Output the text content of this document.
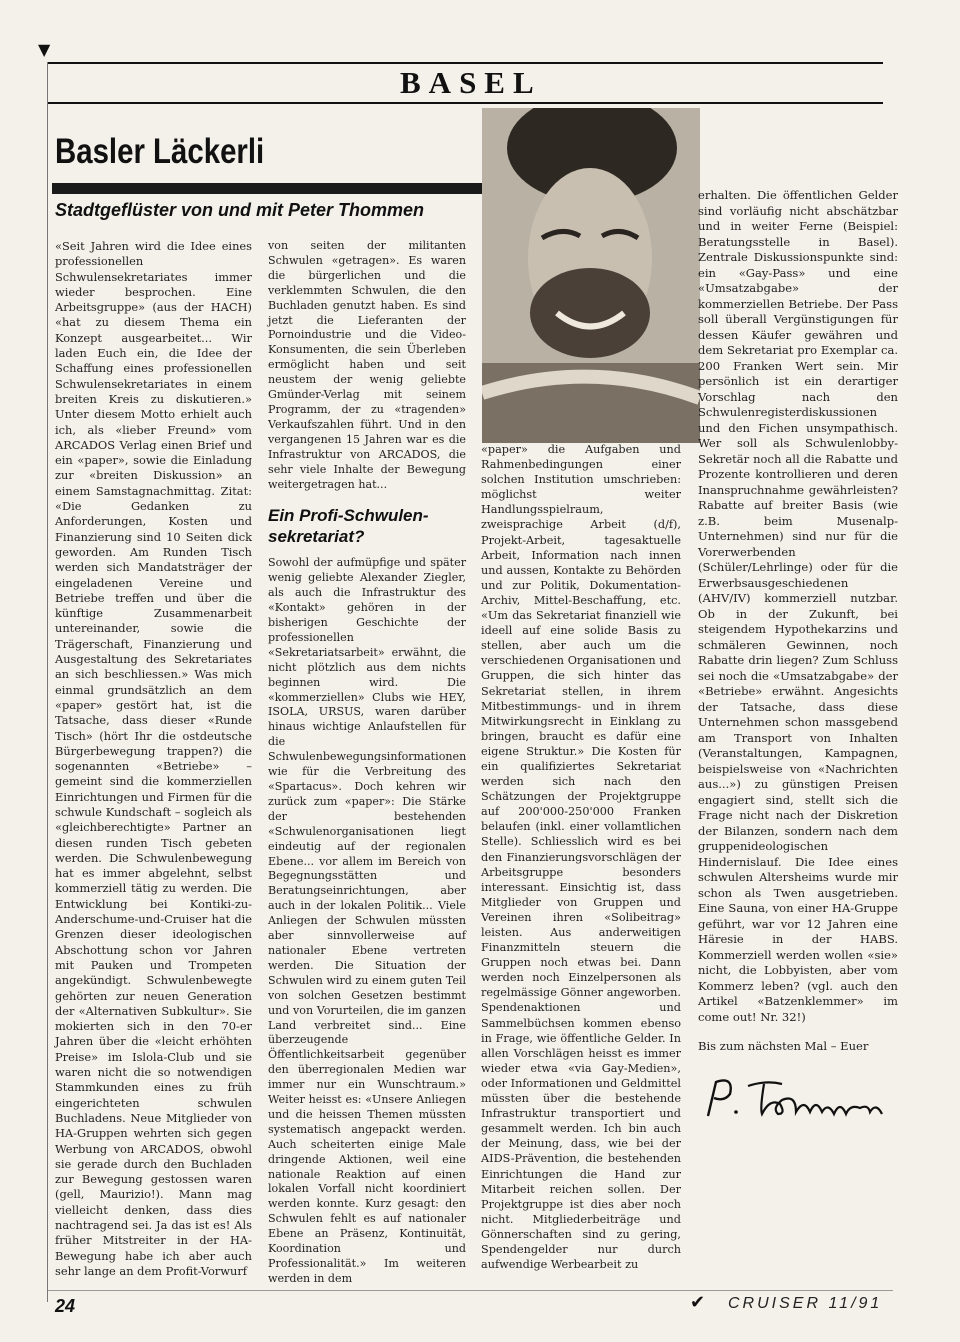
▼
BASEL
Basler Läckerli
Stadtgeflüster von und mit Peter Thommen

«Seit Jahren wird die Idee eines professionellen Schwulensekretariates immer wieder besprochen. Eine Arbeitsgruppe» (aus der HACH) «hat zu diesem Thema ein Konzept ausgearbeitet... Wir laden Euch ein, die Idee der Schaffung eines professionellen Schwulensekretariates in einem breiten Kreis zu diskutieren.» Unter diesem Motto erhielt auch ich, als «lieber Freund» vom ARCADOS Verlag einen Brief und ein «paper», sowie die Einladung zur «breiten Diskussion» an einem Samstagnachmittag. Zitat: «Die Gedanken zu Anforderungen, Kosten und Finanzierung sind 10 Seiten dick geworden. Am Runden Tisch werden sich Mandatsträger der eingeladenen Vereine und Betriebe treffen und über die künftige Zusammenarbeit untereinander, sowie die Trägerschaft, Finanzierung und Ausgestaltung des Sekretariates an sich beschliessen.» Was mich einmal grundsätzlich an dem «paper» gestört hat, ist die Tatsache, dass dieser «Runde Tisch» (hört Ihr die ostdeutsche Bürgerbewegung trappen?) die sogenannten «Betriebe» – gemeint sind die kommerziellen Einrichtungen und Firmen für die schwule Kundschaft – sogleich als «gleichberechtigte» Partner an diesen runden Tisch gebeten werden. Die Schwulenbewegung hat es immer abgelehnt, selbst kommerziell tätig zu werden. Die Entwicklung bei Kontiki-zu-Anderschume-und-Cruiser hat die Grenzen dieser ideologischen Abschottung schon vor Jahren mit Pauken und Trompeten angekündigt. Schwulenbewegte gehörten zur neuen Generation der «Alternativen Subkultur». Sie mokierten sich in den 70-er Jahren über die «leicht erhöhten Preise» im Islola-Club und sie waren nicht die so notwendigen Stammkunden eines zu früh eingerichteten schwulen Buchladens. Neue Mitglieder von HA-Gruppen wehrten sich gegen Werbung von ARCADOS, obwohl sie gerade durch den Buchladen zur Bewegung gestossen waren (gell, Maurizio!). Mann mag vielleicht denken, dass dies nachtragend sei. Ja das ist es! Als früher Mitstreiter in der HA-Bewegung habe ich aber auch sehr lange an dem Profit-Vorwurf

von seiten der militanten Schwulen «getragen». Es waren die bürgerlichen und die verklemmten Schwulen, die den Buchladen genutzt haben. Es sind jetzt die Lieferanten der Pornoindustrie und die Video-Konsumenten, die sein Überleben ermöglicht haben und seit neustem der wenig geliebte Gmünder-Verlag mit seinem Programm, der zu «tragenden» Verkaufszahlen führt. Und in den vergangenen 15 Jahren war es die Infrastruktur von ARCADOS, die sehr viele Inhalte der Bewegung weitergetragen hat...

Ein Profi-Schwulen-sekretariat?

Sowohl der aufmüpfige und später wenig geliebte Alexander Ziegler, als auch die Infrastruktur des «Kontakt» gehören in der bisherigen Geschichte der professionellen «Sekretariatsarbeit» erwähnt, die nicht plötzlich aus dem nichts beginnen wird. Die «kommerziellen» Clubs wie HEY, ISOLA, URSUS, waren darüber hinaus wichtige Anlaufstellen für die Schwulenbewegungsinformationen wie für die Verbreitung des «Spartacus». Doch kehren wir zurück zum «paper»: Die Stärke der bestehenden «Schwulenorganisationen liegt eindeutig auf der regionalen Ebene... vor allem im Bereich von Begegnungsstätten und Beratungseinrichtungen, aber auch in der lokalen Politik... Viele Anliegen der Schwulen müssten aber sinnvollerweise auf nationaler Ebene vertreten werden. Die Situation der Schwulen wird zu einem guten Teil von solchen Gesetzen bestimmt und von Vorurteilen, die im ganzen Land verbreitet sind... Eine überzeugende Öffentlichkeitsarbeit gegenüber den überregionalen Medien war immer nur ein Wunschtraum.» Weiter heisst es: «Unsere Anliegen und die heissen Themen müssten systematisch angepackt werden. Auch scheiterten einige Male dringende Aktionen, weil eine nationale Reaktion auf einen lokalen Vorfall nicht koordiniert werden konnte. Kurz gesagt: den Schwulen fehlt es auf nationaler Ebene an Präsenz, Kontinuität, Koordination und Professionalität.» Im weiteren werden in dem

«paper» die Aufgaben und Rahmenbedingungen einer solchen Institution umschrieben: möglichst weiter Handlungsspielraum, zweisprachige Arbeit (d/f), Projekt-Arbeit, tagesaktuelle Arbeit, Information nach innen und aussen, Kontakte zu Behörden und zur Politik, Dokumentation-Archiv, Mittel-Beschaffung, etc. «Um das Sekretariat finanziell wie ideell auf eine solide Basis zu stellen, aber auch um die verschiedenen Organisationen und Gruppen, die sich hinter das Sekretariat stellen, in ihrem Mitbestimmungs- und in ihrem Mitwirkungsrecht in Einklang zu bringen, braucht es dafür eine eigene Struktur.» Die Kosten für ein qualifiziertes Sekretariat werden sich nach den Schätzungen der Projektgruppe auf 200'000-250'000 Franken belaufen (inkl. einer vollamtlichen Stelle). Schliesslich wird es bei den Finanzierungsvorschlägen der Arbeitsgruppe besonders interessant. Einsichtig ist, dass Mitglieder von Gruppen und Vereinen ihren «Solibeitrag» leisten. Aus anderweitigen Finanzmitteln steuern die Gruppen noch etwas bei. Dann werden noch Einzelpersonen als regelmässige Gönner angeworben. Spendenaktionen und Sammelbüchsen kommen ebenso in Frage, wie öffentliche Gelder. In allen Vorschlägen heisst es immer wieder etwa «via Gay-Medien», oder Informationen und Geldmittel müssten über die bestehende Infrastruktur transportiert und gesammelt werden. Ich bin auch der Meinung, dass, wie bei der AIDS-Prävention, die bestehenden Einrichtungen die Hand zur Mitarbeit reichen sollen. Der Projektgruppe ist dies aber noch nicht. Mitgliederbeiträge und Gönnerschaften sind zu gering, Spendengelder nur durch aufwendige Werbearbeit zu

erhalten. Die öffentlichen Gelder sind vorläufig nicht abschätzbar und in weiter Ferne (Beispiel: Beratungsstelle in Basel). Zentrale Diskussionspunkte sind: ein «Gay-Pass» und eine «Umsatzabgabe» der kommerziellen Betriebe. Der Pass soll überall Vergünstigungen für dessen Käufer gewähren und dem Sekretariat pro Exemplar ca. 200 Franken Wert sein. Mir persönlich ist ein derartiger Vorschlag nach den Schwulenregisterdiskussionen und den Fichen unsympathisch. Wer soll als Schwulenlobby-Sekretär noch all die Rabatte und Prozente kontrollieren und deren Inanspruchnahme gewährleisten? Rabatte auf breiter Basis (wie z.B. beim Musenalp-Unternehmen) sind nur für die Vorerwerbenden (Schüler/Lehrlinge) oder für die Erwerbsausgeschiedenen (AHV/IV) kommerziell nutzbar. Ob in der Zukunft, bei steigendem Hypothekarzins und schmäleren Gewinnen, noch Rabatte drin liegen? Zum Schluss sei noch die «Umsatzabgabe» der «Betriebe» erwähnt. Angesichts der Tatsache, dass diese Unternehmen schon massgebend am Transport von Inhalten (Veranstaltungen, Kampagnen, beispielsweise von «Nachrichten aus...») zu günstigen Preisen engagiert sind, stellt sich die Frage nicht nach der Diskretion der Bilanzen, sondern nach dem gruppenideologischen Hindernislauf. Die Idee eines schwulen Altersheims wurde mir schon als Twen ausgetrieben. Eine Sauna, von einer HA-Gruppe geführt, war vor 12 Jahren eine Häresie in der HABS. Kommerziell werden wollen «sie» nicht, die Lobbyisten, aber vom Kommerz leben? (vgl. auch den Artikel «Batzenklemmer» im come out! Nr. 32!)

Bis zum nächsten Mal – Euer

24	✔ CRUISER 11/91
